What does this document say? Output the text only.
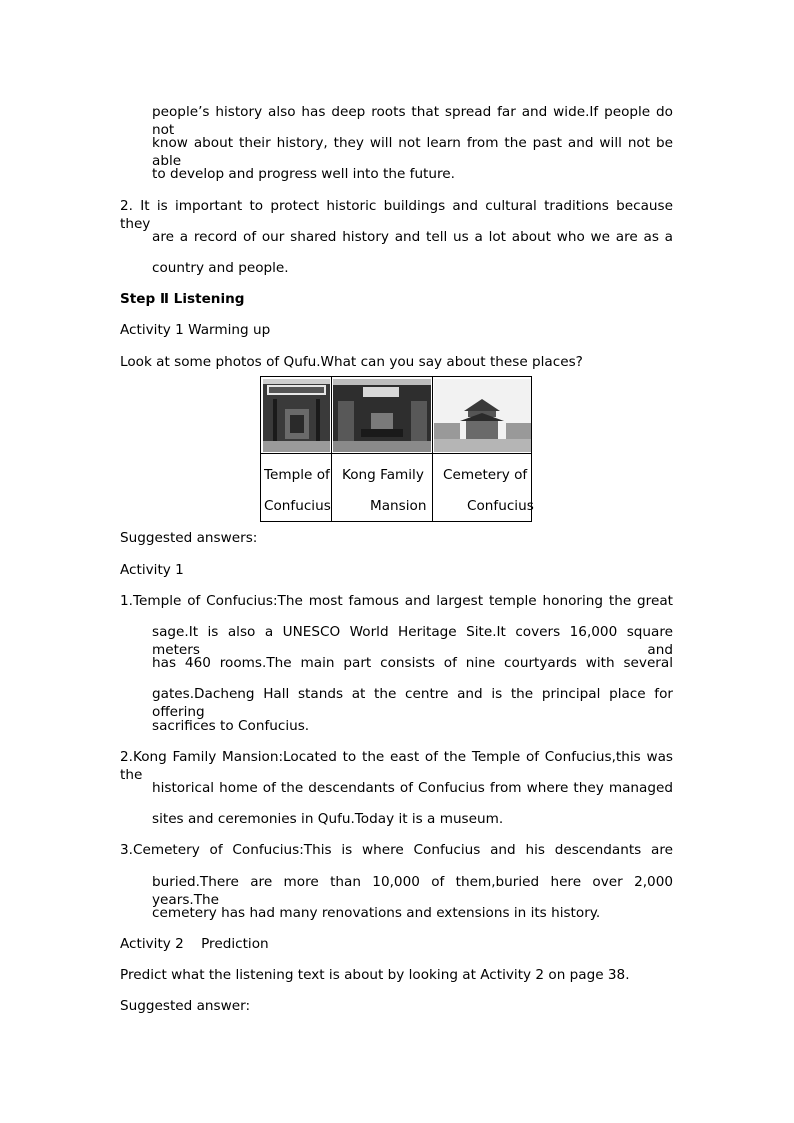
people’s history also has deep roots that spread far and wide.If people do not
know about their history, they will not learn from the past and will not be able
to develop and progress well into the future.
2. It is important to protect historic buildings and cultural traditions because they
are a record of our shared history and tell us a lot about who we are as a
country and people.
Step Ⅱ Listening
Activity 1 Warming up
Look at some photos of Qufu.What can you say about these places?
Temple of
Confucius
Kong Family
Mansion
Cemetery of
Confucius
Suggested answers:
Activity 1
1.Temple of Confucius:The most famous and largest temple honoring the great
sage.It is also a UNESCO World Heritage Site.It covers 16,000 square meters and
has 460 rooms.The main part consists of nine courtyards with several
gates.Dacheng Hall stands at the centre and is the principal place for offering
sacrifices to Confucius.
2.Kong Family Mansion:Located to the east of the Temple of Confucius,this was the
historical home of the descendants of Confucius from where they managed
sites and ceremonies in Qufu.Today it is a museum.
3.Cemetery of Confucius:This is where Confucius and his descendants are
buried.There are more than 10,000 of them,buried here over 2,000 years.The
cemetery has had many renovations and extensions in its history.
Activity 2    Prediction
Predict what the listening text is about by looking at Activity 2 on page 38.
Suggested answer:
